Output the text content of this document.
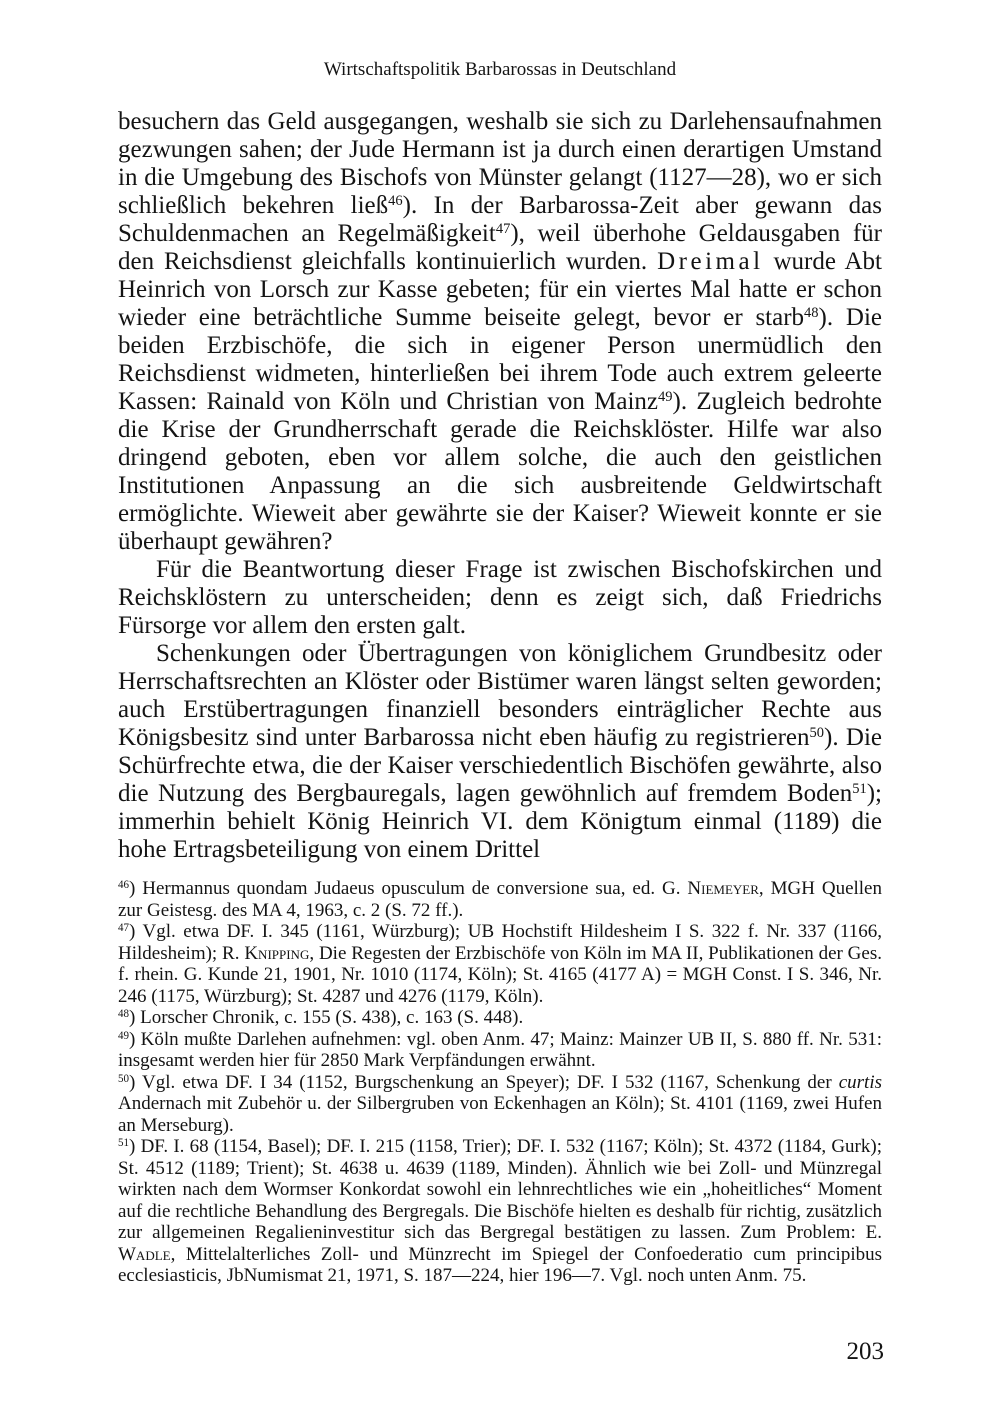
Wirtschaftspolitik Barbarossas in Deutschland

besuchern das Geld ausgegangen, weshalb sie sich zu Darlehensaufnahmen gezwungen sahen; der Jude Hermann ist ja durch einen derartigen Umstand in die Umgebung des Bischofs von Münster gelangt (1127—28), wo er sich schließlich bekehren ließ$^{46}$). In der Barbarossa-Zeit aber gewann das Schuldenmachen an Regelmäßigkeit$^{47}$), weil überhohe Geldausgaben für den Reichsdienst gleichfalls kontinuierlich wurden. Dreimal wurde Abt Heinrich von Lorsch zur Kasse gebeten; für ein viertes Mal hatte er schon wieder eine beträchtliche Summe beiseite gelegt, bevor er starb$^{48}$). Die beiden Erzbischöfe, die sich in eigener Person unermüdlich den Reichsdienst widmeten, hinterließen bei ihrem Tode auch extrem geleerte Kassen: Rainald von Köln und Christian von Mainz$^{49}$). Zugleich bedrohte die Krise der Grundherrschaft gerade die Reichsklöster. Hilfe war also dringend geboten, eben vor allem solche, die auch den geistlichen Institutionen Anpassung an die sich ausbreitende Geldwirtschaft ermöglichte. Wieweit aber gewährte sie der Kaiser? Wieweit konnte er sie überhaupt gewähren?

Für die Beantwortung dieser Frage ist zwischen Bischofskirchen und Reichsklöstern zu unterscheiden; denn es zeigt sich, daß Friedrichs Fürsorge vor allem den ersten galt.

Schenkungen oder Übertragungen von königlichem Grundbesitz oder Herrschaftsrechten an Klöster oder Bistümer waren längst selten geworden; auch Erstübertragungen finanziell besonders einträglicher Rechte aus Königsbesitz sind unter Barbarossa nicht eben häufig zu registrieren$^{50}$). Die Schürfrechte etwa, die der Kaiser verschiedentlich Bischöfen gewährte, also die Nutzung des Bergbauregals, lagen gewöhnlich auf fremdem Boden$^{51}$); immerhin behielt König Heinrich VI. dem Königtum einmal (1189) die hohe Ertragsbeteiligung von einem Drittel

$^{46}$) Hermannus quondam Judaeus opusculum de conversione sua, ed. G. Niemeyer, MGH Quellen zur Geistesg. des MA 4, 1963, c. 2 (S. 72 ff.).

$^{47}$) Vgl. etwa DF. I. 345 (1161, Würzburg); UB Hochstift Hildesheim I S. 322 f. Nr. 337 (1166, Hildesheim); R. Knipping, Die Regesten der Erzbischöfe von Köln im MA II, Publikationen der Ges. f. rhein. G. Kunde 21, 1901, Nr. 1010 (1174, Köln); St. 4165 (4177 A) = MGH Const. I S. 346, Nr. 246 (1175, Würzburg); St. 4287 und 4276 (1179, Köln).

$^{48}$) Lorscher Chronik, c. 155 (S. 438), c. 163 (S. 448).

$^{49}$) Köln mußte Darlehen aufnehmen: vgl. oben Anm. 47; Mainz: Mainzer UB II, S. 880 ff. Nr. 531: insgesamt werden hier für 2850 Mark Verpfändungen erwähnt.

$^{50}$) Vgl. etwa DF. I 34 (1152, Burgschenkung an Speyer); DF. I 532 (1167, Schenkung der curtis Andernach mit Zubehör u. der Silbergruben von Eckenhagen an Köln); St. 4101 (1169, zwei Hufen an Merseburg).

$^{51}$) DF. I. 68 (1154, Basel); DF. I. 215 (1158, Trier); DF. I. 532 (1167; Köln); St. 4372 (1184, Gurk); St. 4512 (1189; Trient); St. 4638 u. 4639 (1189, Minden). Ähnlich wie bei Zoll- und Münzregal wirkten nach dem Wormser Konkordat sowohl ein lehnrechtliches wie ein „hoheitliches“ Moment auf die rechtliche Behandlung des Bergregals. Die Bischöfe hielten es deshalb für richtig, zusätzlich zur allgemeinen Regalieninvestitur sich das Bergregal bestätigen zu lassen. Zum Problem: E. Wadle, Mittelalterliches Zoll- und Münzrecht im Spiegel der Confoederatio cum principibus ecclesiasticis, JbNumismat 21, 1971, S. 187—224, hier 196—7. Vgl. noch unten Anm. 75.

203
